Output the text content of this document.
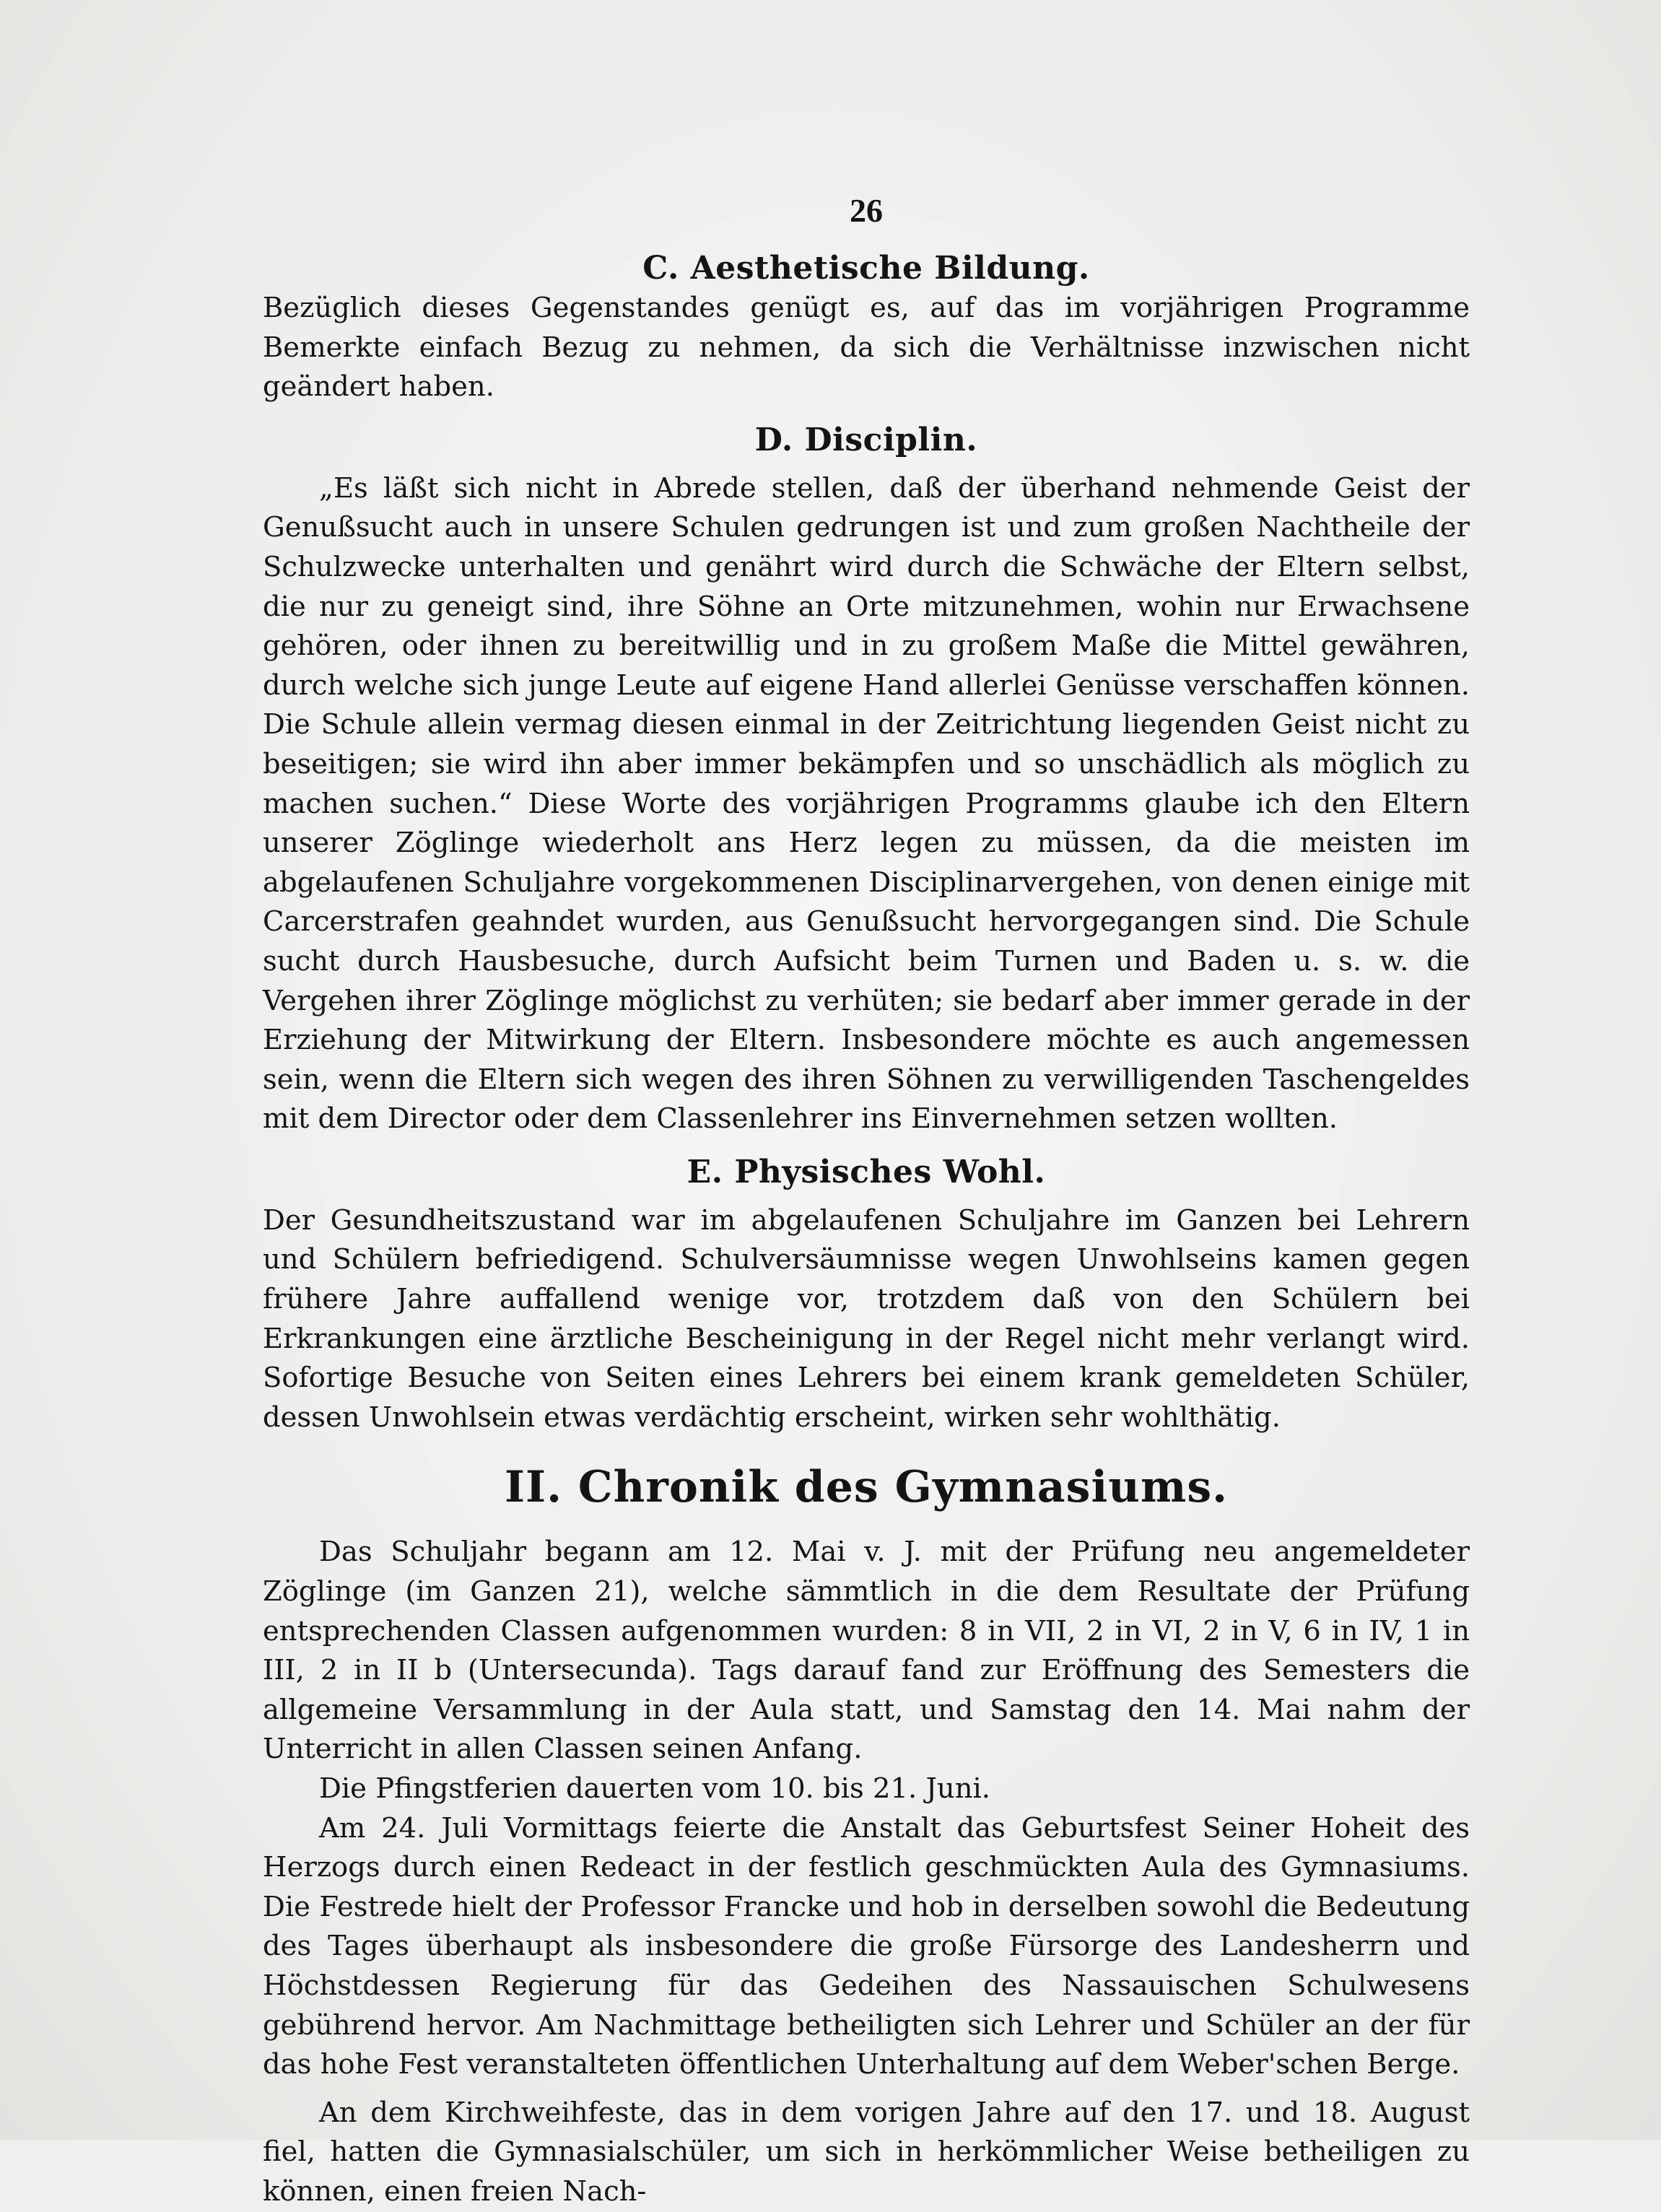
26
C. Aesthetische Bildung.

Bezüglich dieses Gegenstandes genügt es, auf das im vorjährigen Programme Bemerkte einfach Bezug zu nehmen, da sich die Verhältnisse inzwischen nicht geändert haben.

D. Disciplin.

„Es läßt sich nicht in Abrede stellen, daß der überhand nehmende Geist der Genußsucht auch in unsere Schulen gedrungen ist und zum großen Nachtheile der Schulzwecke unterhalten und genährt wird durch die Schwäche der Eltern selbst, die nur zu geneigt sind, ihre Söhne an Orte mitzunehmen, wohin nur Erwachsene gehören, oder ihnen zu bereitwillig und in zu großem Maße die Mittel gewähren, durch welche sich junge Leute auf eigene Hand allerlei Genüsse verschaffen können. Die Schule allein vermag diesen einmal in der Zeitrichtung liegenden Geist nicht zu beseitigen; sie wird ihn aber immer bekämpfen und so unschädlich als möglich zu machen suchen.“ Diese Worte des vorjährigen Programms glaube ich den Eltern unserer Zöglinge wiederholt ans Herz legen zu müssen, da die meisten im abgelaufenen Schuljahre vorgekommenen Disciplinarvergehen, von denen einige mit Carcerstrafen geahndet wurden, aus Genußsucht hervorgegangen sind. Die Schule sucht durch Hausbesuche, durch Aufsicht beim Turnen und Baden u. s. w. die Vergehen ihrer Zöglinge möglichst zu verhüten; sie bedarf aber immer gerade in der Erziehung der Mitwirkung der Eltern. Insbesondere möchte es auch angemessen sein, wenn die Eltern sich wegen des ihren Söhnen zu verwilligenden Taschengeldes mit dem Director oder dem Classenlehrer ins Einvernehmen setzen wollten.

E. Physisches Wohl.

Der Gesundheitszustand war im abgelaufenen Schuljahre im Ganzen bei Lehrern und Schülern befriedigend. Schulversäumnisse wegen Unwohlseins kamen gegen frühere Jahre auffallend wenige vor, trotzdem daß von den Schülern bei Erkrankungen eine ärztliche Bescheinigung in der Regel nicht mehr verlangt wird. Sofortige Besuche von Seiten eines Lehrers bei einem krank gemeldeten Schüler, dessen Unwohlsein etwas verdächtig erscheint, wirken sehr wohlthätig.

II. Chronik des Gymnasiums.

Das Schuljahr begann am 12. Mai v. J. mit der Prüfung neu angemeldeter Zöglinge (im Ganzen 21), welche sämmtlich in die dem Resultate der Prüfung entsprechenden Classen aufgenommen wurden: 8 in VII, 2 in VI, 2 in V, 6 in IV, 1 in III, 2 in II b (Untersecunda). Tags darauf fand zur Eröffnung des Semesters die allgemeine Versammlung in der Aula statt, und Samstag den 14. Mai nahm der Unterricht in allen Classen seinen Anfang.

Die Pfingstferien dauerten vom 10. bis 21. Juni.

Am 24. Juli Vormittags feierte die Anstalt das Geburtsfest Seiner Hoheit des Herzogs durch einen Redeact in der festlich geschmückten Aula des Gymnasiums. Die Festrede hielt der Professor Francke und hob in derselben sowohl die Bedeutung des Tages überhaupt als insbesondere die große Fürsorge des Landesherrn und Höchstdessen Regierung für das Gedeihen des Nassauischen Schulwesens gebührend hervor. Am Nachmittage betheiligten sich Lehrer und Schüler an der für das hohe Fest veranstalteten öffentlichen Unterhaltung auf dem Weber'schen Berge.

An dem Kirchweihfeste, das in dem vorigen Jahre auf den 17. und 18. August fiel, hatten die Gymnasialschüler, um sich in herkömmlicher Weise betheiligen zu können, einen freien Nach-
